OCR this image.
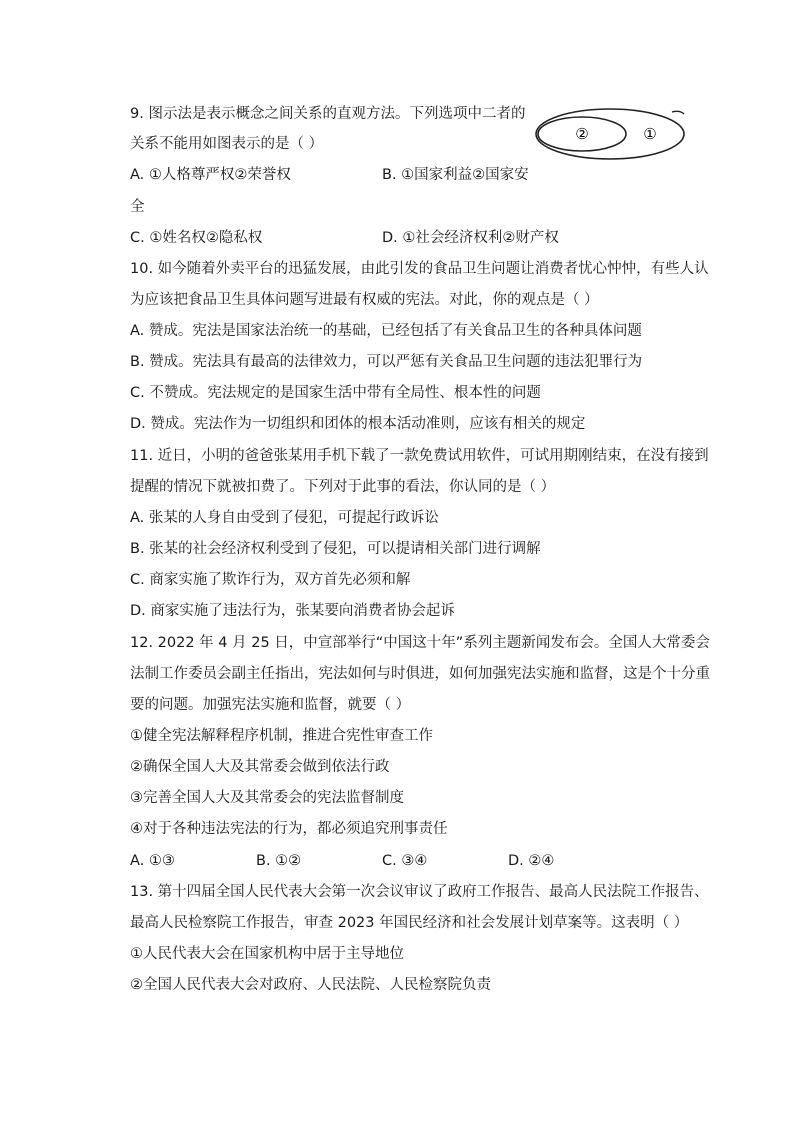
9. 图示法是表示概念之间关系的直观方法。下列选项中二者的
关系不能用如图表示的是（ ）
②	①
A. ①人格尊严权②荣誉权	B. ①国家利益②国家安
全
C. ①姓名权②隐私权	D. ①社会经济权利②财产权
10. 如今随着外卖平台的迅猛发展，由此引发的食品卫生问题让消费者忧心忡忡，有些人认
为应该把食品卫生具体问题写进最有权威的宪法。对此，你的观点是（ ）
A. 赞成。宪法是国家法治统一的基础，已经包括了有关食品卫生的各种具体问题
B. 赞成。宪法具有最高的法律效力，可以严惩有关食品卫生问题的违法犯罪行为
C. 不赞成。宪法规定的是国家生活中带有全局性、根本性的问题
D. 赞成。宪法作为一切组织和团体的根本活动准则，应该有相关的规定
11. 近日，小明的爸爸张某用手机下载了一款免费试用软件，可试用期刚结束，在没有接到
提醒的情况下就被扣费了。下列对于此事的看法，你认同的是（ ）
A. 张某的人身自由受到了侵犯，可提起行政诉讼
B. 张某的社会经济权利受到了侵犯，可以提请相关部门进行调解
C. 商家实施了欺诈行为，双方首先必须和解
D. 商家实施了违法行为，张某要向消费者协会起诉
12. 2022 年 4 月 25 日，中宣部举行“中国这十年”系列主题新闻发布会。全国人大常委会
法制工作委员会副主任指出，宪法如何与时俱进，如何加强宪法实施和监督，这是个十分重
要的问题。加强宪法实施和监督，就要（ ）
①健全宪法解释程序机制，推进合宪性审查工作
②确保全国人大及其常委会做到依法行政
③完善全国人大及其常委会的宪法监督制度
④对于各种违法宪法的行为，都必须追究刑事责任
A. ①③	B. ①②	C. ③④	D. ②④
13. 第十四届全国人民代表大会第一次会议审议了政府工作报告、最高人民法院工作报告、
最高人民检察院工作报告，审查 2023 年国民经济和社会发展计划草案等。这表明（ ）
①人民代表大会在国家机构中居于主导地位
②全国人民代表大会对政府、人民法院、人民检察院负责
